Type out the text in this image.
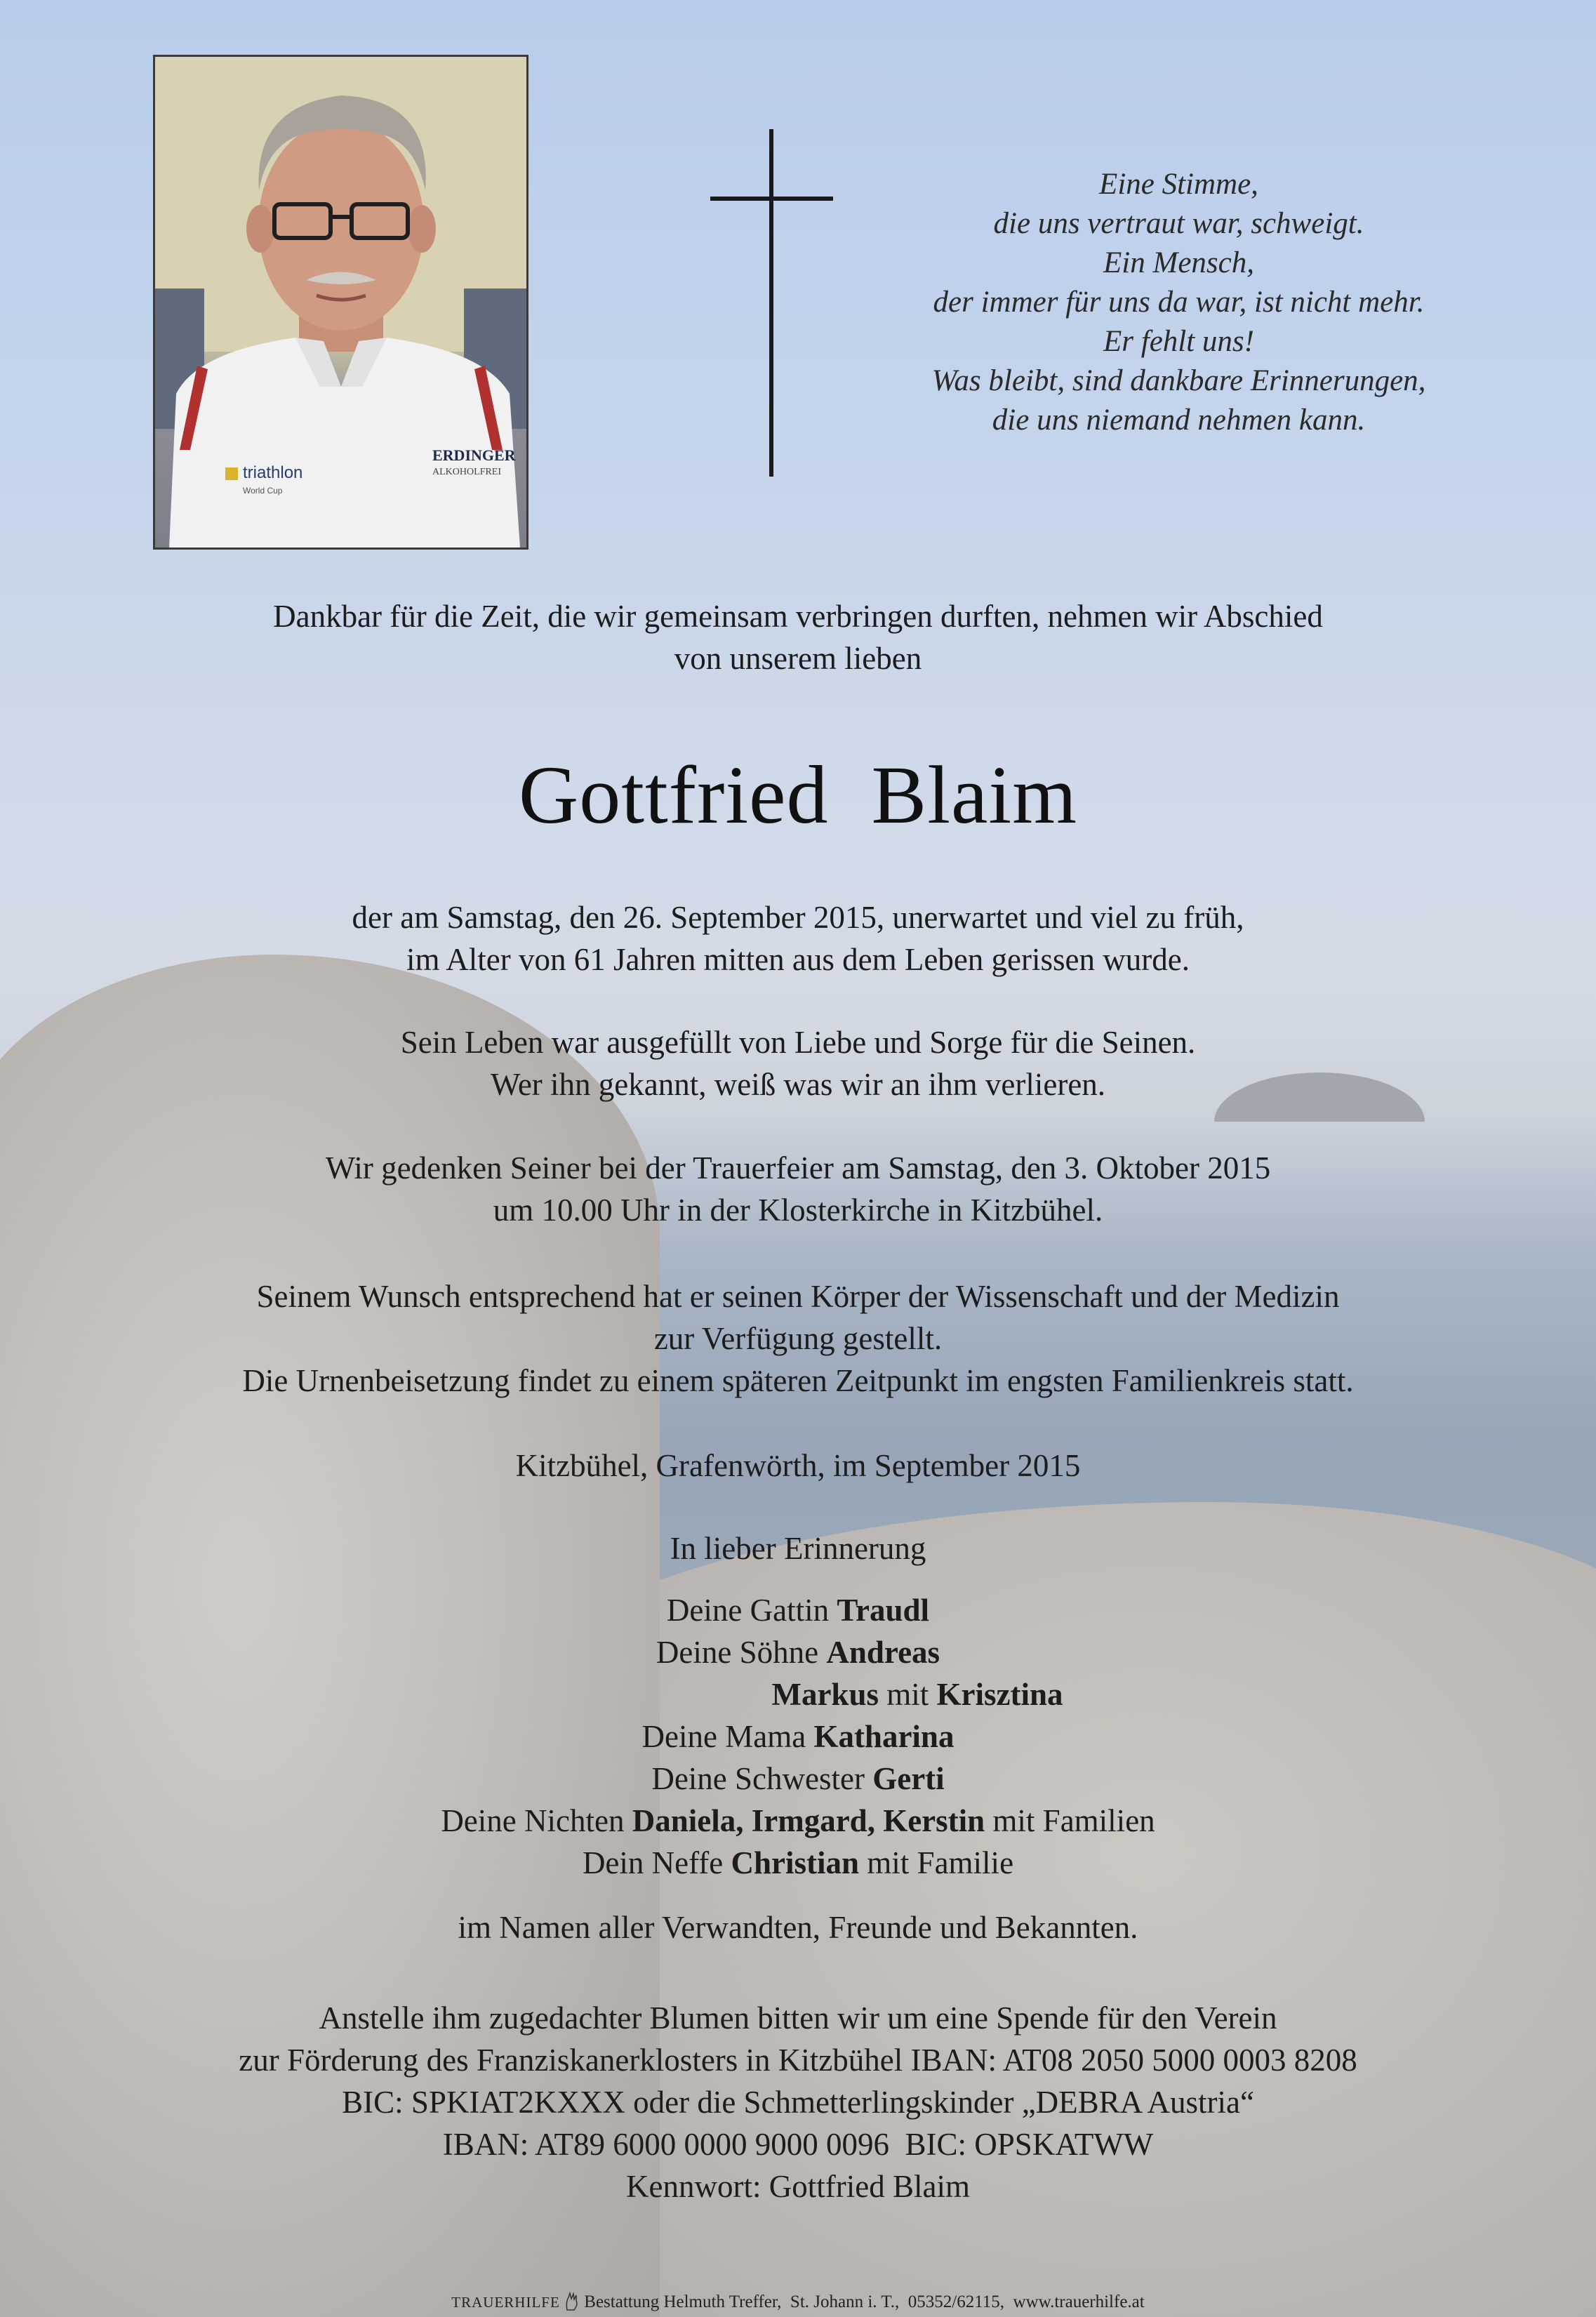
triathlon
World Cup
ERDINGER
ALKOHOLFREI
Eine Stimme,
die uns vertraut war, schweigt.
Ein Mensch,
der immer für uns da war, ist nicht mehr.
Er fehlt uns!
Was bleibt, sind dankbare Erinnerungen,
die uns niemand nehmen kann.
Dankbar für die Zeit, die wir gemeinsam verbringen durften, nehmen wir Abschied
von unserem lieben
Gottfried  Blaim
der am Samstag, den 26. September 2015, unerwartet und viel zu früh,
im Alter von 61 Jahren mitten aus dem Leben gerissen wurde.
Sein Leben war ausgefüllt von Liebe und Sorge für die Seinen.
Wer ihn gekannt, weiß was wir an ihm verlieren.
Wir gedenken Seiner bei der Trauerfeier am Samstag, den 3. Oktober 2015
um 10.00 Uhr in der Klosterkirche in Kitzbühel.
Seinem Wunsch entsprechend hat er seinen Körper der Wissenschaft und der Medizin
zur Verfügung gestellt.
Die Urnenbeisetzung findet zu einem späteren Zeitpunkt im engsten Familienkreis statt.
Kitzbühel, Grafenwörth, im September 2015
In lieber Erinnerung
Deine Gattin Traudl
Deine Söhne Andreas
Markus mit Krisztina
Deine Mama Katharina
Deine Schwester Gerti
Deine Nichten Daniela, Irmgard, Kerstin mit Familien
Dein Neffe Christian mit Familie
im Namen aller Verwandten, Freunde und Bekannten.
Anstelle ihm zugedachter Blumen bitten wir um eine Spende für den Verein
zur Förderung des Franziskanerklosters in Kitzbühel IBAN: AT08 2050 5000 0003 8208
BIC: SPKIAT2KXXX oder die Schmetterlingskinder „DEBRA Austria“
IBAN: AT89 6000 0000 9000 0096  BIC: OPSKATWW
Kennwort: Gottfried Blaim
TRAUERHILFE Bestattung Helmuth Treffer,  St. Johann i. T.,  05352/62115,  www.trauerhilfe.at
